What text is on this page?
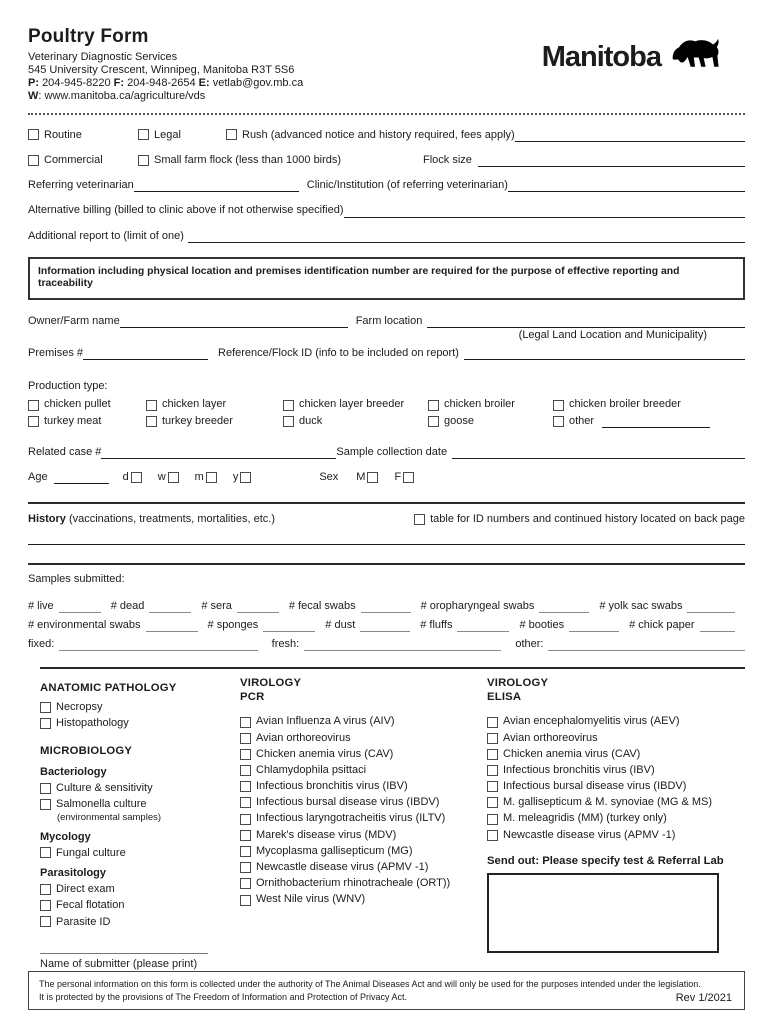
Poultry Form
Veterinary Diagnostic Services
545 University Crescent, Winnipeg, Manitoba R3T 5S6
P: 204-945-8220 F: 204-948-2654 E: vetlab@gov.mb.ca
W: www.manitoba.ca/agriculture/vds
Manitoba
Routine	Legal	Rush (advanced notice and history required, fees apply)
Commercial	Small farm flock (less than 1000 birds)	Flock size
Referring veterinarian	Clinic/Institution (of referring veterinarian)
Alternative billing (billed to clinic above if not otherwise specified)
Additional report to (limit of one)
Information including physical location and premises identification number are required for the purpose of effective reporting and traceability
Owner/Farm name	Farm location
(Legal Land Location and Municipality)
Premises #	Reference/Flock ID (info to be included on report)
Production type:
chicken pullet	chicken layer	chicken layer breeder	chicken broiler	chicken broiler breeder
turkey meat	turkey breeder	duck	goose	other
Related case #	Sample collection date
Age	d	w	m	y	Sex M	F
History (vaccinations, treatments, mortalities, etc.)	table for ID numbers and continued history located on back page
Samples submitted:
# live	# dead	# sera	# fecal swabs	# oropharyngeal swabs	# yolk sac swabs
# environmental swabs	# sponges	# dust	# fluffs	# booties	# chick paper
fixed:	fresh:	other:
ANATOMIC PATHOLOGY
Necropsy
Histopathology
MICROBIOLOGY
Bacteriology
Culture & sensitivity
Salmonella culture
(environmental samples)
Mycology
Fungal culture
Parasitology
Direct exam
Fecal flotation
Parasite ID
Name of submitter (please print)
VIROLOGY
PCR
Avian Influenza A virus (AIV)
Avian orthoreovirus
Chicken anemia virus (CAV)
Chlamydophila psittaci
Infectious bronchitis virus (IBV)
Infectious bursal disease virus (IBDV)
Infectious laryngotracheitis virus (ILTV)
Marek's disease virus (MDV)
Mycoplasma gallisepticum (MG)
Newcastle disease virus (APMV -1)
Ornithobacterium rhinotracheale (ORT))
West Nile virus (WNV)
VIROLOGY
ELISA
Avian encephalomyelitis virus (AEV)
Avian orthoreovirus
Chicken anemia virus (CAV)
Infectious bronchitis virus (IBV)
Infectious bursal disease virus (IBDV)
M. gallisepticum & M. synoviae (MG & MS)
M. meleagridis (MM) (turkey only)
Newcastle disease virus (APMV -1)
Send out: Please specify test & Referral Lab
The personal information on this form is collected under the authority of The Animal Diseases Act and will only be used for the purposes intended under the legislation.
It is protected by the provisions of The Freedom of Information and Protection of Privacy Act.	Rev 1/2021
